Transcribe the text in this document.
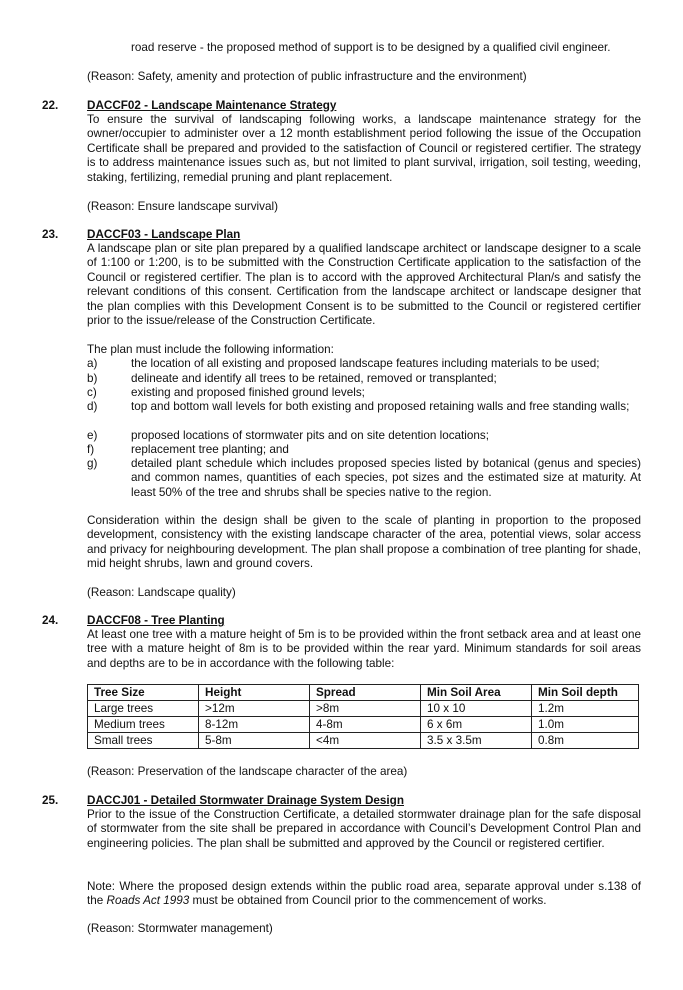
road reserve - the proposed method of support is to be designed by a qualified civil engineer.

(Reason: Safety, amenity and protection of public infrastructure and the environment)

22. DACCF02 - Landscape Maintenance Strategy

To ensure the survival of landscaping following works, a landscape maintenance strategy for the owner/occupier to administer over a 12 month establishment period following the issue of the Occupation Certificate shall be prepared and provided to the satisfaction of Council or registered certifier. The strategy is to address maintenance issues such as, but not limited to plant survival, irrigation, soil testing, weeding, staking, fertilizing, remedial pruning and plant replacement.

(Reason: Ensure landscape survival)

23. DACCF03 - Landscape Plan

A landscape plan or site plan prepared by a qualified landscape architect or landscape designer to a scale of 1:100 or 1:200, is to be submitted with the Construction Certificate application to the satisfaction of the Council or registered certifier. The plan is to accord with the approved Architectural Plan/s and satisfy the relevant conditions of this consent. Certification from the landscape architect or landscape designer that the plan complies with this Development Consent is to be submitted to the Council or registered certifier prior to the issue/release of the Construction Certificate.

The plan must include the following information:

a)	the location of all existing and proposed landscape features including materials to be used;
b)	delineate and identify all trees to be retained, removed or transplanted;
c)	existing and proposed finished ground levels;
d)	top and bottom wall levels for both existing and proposed retaining walls and free standing walls;
e)	proposed locations of stormwater pits and on site detention locations;
f)	replacement tree planting; and
g)	detailed plant schedule which includes proposed species listed by botanical (genus and species) and common names, quantities of each species, pot sizes and the estimated size at maturity. At least 50% of the tree and shrubs shall be species native to the region.

Consideration within the design shall be given to the scale of planting in proportion to the proposed development, consistency with the existing landscape character of the area, potential views, solar access and privacy for neighbouring development. The plan shall propose a combination of tree planting for shade, mid height shrubs, lawn and ground covers.

(Reason: Landscape quality)

24. DACCF08 - Tree Planting

At least one tree with a mature height of 5m is to be provided within the front setback area and at least one tree with a mature height of 8m is to be provided within the rear yard. Minimum standards for soil areas and depths are to be in accordance with the following table:

Tree Size	Height	Spread	Min Soil Area	Min Soil depth
Large trees	>12m	>8m	10 x 10	1.2m
Medium trees	8-12m	4-8m	6 x 6m	1.0m
Small trees	5-8m	<4m	3.5 x 3.5m	0.8m

(Reason: Preservation of the landscape character of the area)

25. DACCJ01 - Detailed Stormwater Drainage System Design

Prior to the issue of the Construction Certificate, a detailed stormwater drainage plan for the safe disposal of stormwater from the site shall be prepared in accordance with Council’s Development Control Plan and engineering policies. The plan shall be submitted and approved by the Council or registered certifier.

Note: Where the proposed design extends within the public road area, separate approval under s.138 of the Roads Act 1993 must be obtained from Council prior to the commencement of works.

(Reason: Stormwater management)
